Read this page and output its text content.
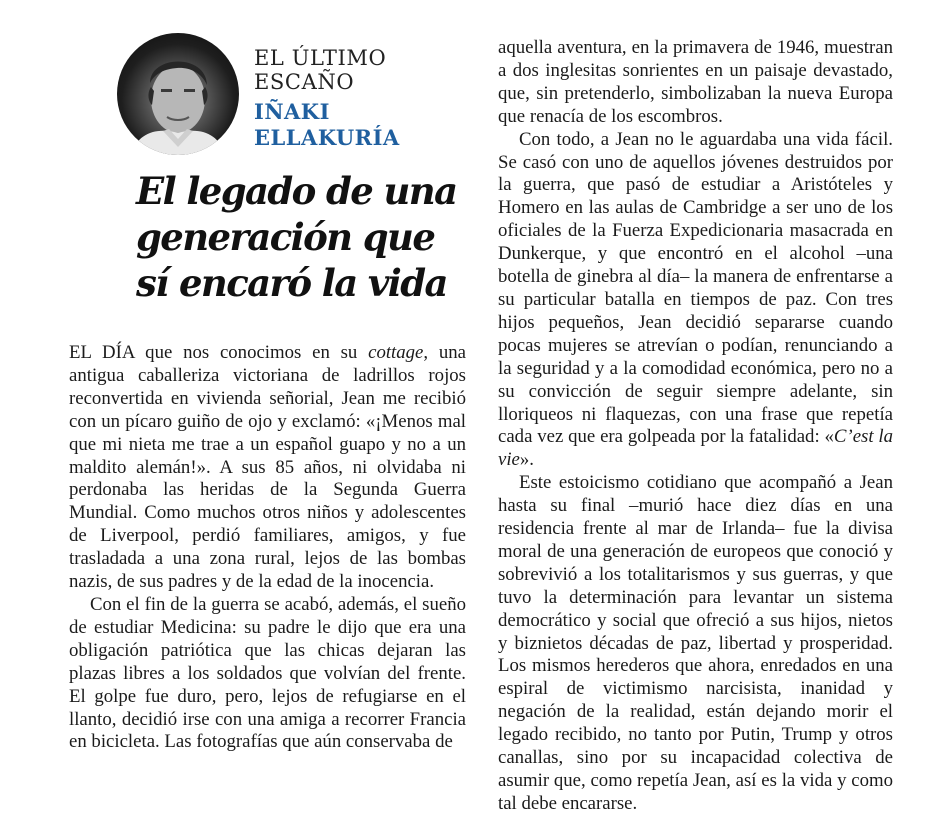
EL ÚLTIMO
ESCAÑO
IÑAKI
ELLAKURÍA
El legado de una
generación que
sí encaró la vida

EL DÍA que nos conocimos en su cottage, una antigua caballeriza victoriana de ladrillos rojos reconvertida en vivienda señorial, Jean me recibió con un pícaro guiño de ojo y exclamó: «¡Menos mal que mi nieta me trae a un español guapo y no a un maldito alemán!». A sus 85 años, ni olvidaba ni perdonaba las heridas de la Segunda Guerra Mundial. Como muchos otros niños y adolescentes de Liverpool, perdió familiares, amigos, y fue trasladada a una zona rural, lejos de las bombas nazis, de sus padres y de la edad de la inocencia.

Con el fin de la guerra se acabó, además, el sueño de estudiar Medicina: su padre le dijo que era una obligación patriótica que las chicas dejaran las plazas libres a los soldados que volvían del frente. El golpe fue duro, pero, lejos de refugiarse en el llanto, decidió irse con una amiga a recorrer Francia en bicicleta. Las fotografías que aún conservaba de

aquella aventura, en la primavera de 1946, muestran a dos inglesitas sonrientes en un paisaje devastado, que, sin pretenderlo, simbolizaban la nueva Europa que renacía de los escombros.

Con todo, a Jean no le aguardaba una vida fácil. Se casó con uno de aquellos jóvenes destruidos por la guerra, que pasó de estudiar a Aristóteles y Homero en las aulas de Cambridge a ser uno de los oficiales de la Fuerza Expedicionaria masacrada en Dunkerque, y que encontró en el alcohol –una botella de ginebra al día– la manera de enfrentarse a su particular batalla en tiempos de paz. Con tres hijos pequeños, Jean decidió separarse cuando pocas mujeres se atrevían o podían, renunciando a la seguridad y a la comodidad económica, pero no a su convicción de seguir siempre adelante, sin lloriqueos ni flaquezas, con una frase que repetía cada vez que era golpeada por la fatalidad: «C’est la vie».

Este estoicismo cotidiano que acompañó a Jean hasta su final –murió hace diez días en una residencia frente al mar de Irlanda– fue la divisa moral de una generación de europeos que conoció y sobrevivió a los totalitarismos y sus guerras, y que tuvo la determinación para levantar un sistema democrático y social que ofreció a sus hijos, nietos y biznietos décadas de paz, libertad y prosperidad. Los mismos herederos que ahora, enredados en una espiral de victimismo narcisista, inanidad y negación de la realidad, están dejando morir el legado recibido, no tanto por Putin, Trump y otros canallas, sino por su incapacidad colectiva de asumir que, como repetía Jean, así es la vida y como tal debe encararse.
